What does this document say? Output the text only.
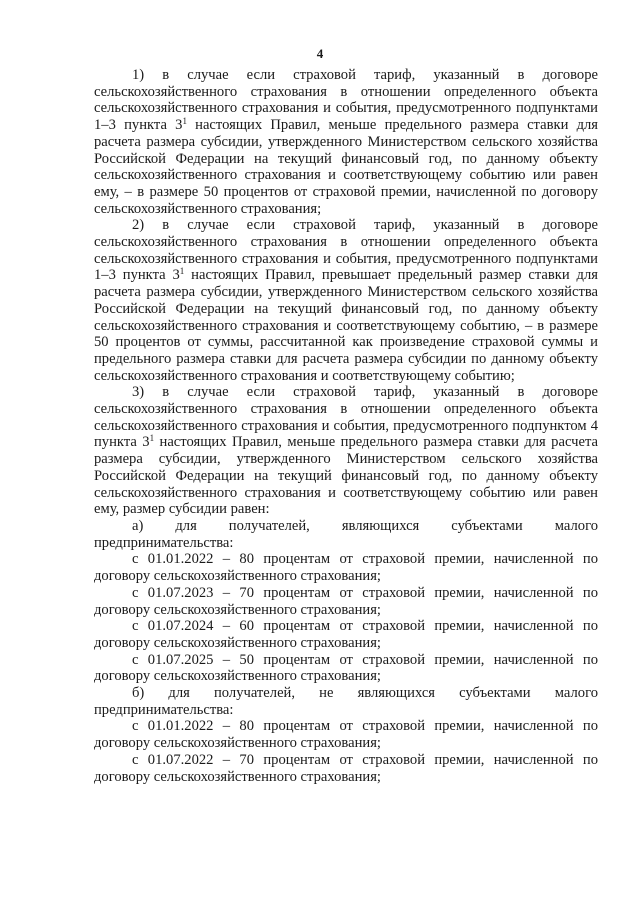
4

1) в случае если страховой тариф, указанный в договоре сельскохозяйственного страхования в отношении определенного объекта сельскохозяйственного страхования и события, предусмотренного подпунктами 1–3 пункта $3^1$ настоящих Правил, меньше предельного размера ставки для расчета размера субсидии, утвержденного Министерством сельского хозяйства Российской Федерации на текущий финансовый год, по данному объекту сельскохозяйственного страхования и соответствующему событию или равен ему, – в размере 50 процентов от страховой премии, начисленной по договору сельскохозяйственного страхования;

2) в случае если страховой тариф, указанный в договоре сельскохозяйственного страхования в отношении определенного объекта сельскохозяйственного страхования и события, предусмотренного подпунктами 1–3 пункта $3^1$ настоящих Правил, превышает предельный размер ставки для расчета размера субсидии, утвержденного Министерством сельского хозяйства Российской Федерации на текущий финансовый год, по данному объекту сельскохозяйственного страхования и соответствующему событию, – в размере 50 процентов от суммы, рассчитанной как произведение страховой суммы и предельного размера ставки для расчета размера субсидии по данному объекту сельскохозяйственного страхования и соответствующему событию;

3) в случае если страховой тариф, указанный в договоре сельскохозяйственного страхования в отношении определенного объекта сельскохозяйственного страхования и события, предусмотренного подпунктом 4 пункта $3^1$ настоящих Правил, меньше предельного размера ставки для расчета размера субсидии, утвержденного Министерством сельского хозяйства Российской Федерации на текущий финансовый год, по данному объекту сельскохозяйственного страхования и соответствующему событию или равен ему, размер субсидии равен:

а) для получателей, являющихся субъектами малого предпринимательства:

с 01.01.2022 – 80 процентам от страховой премии, начисленной по договору сельскохозяйственного страхования;

с 01.07.2023 – 70 процентам от страховой премии, начисленной по договору сельскохозяйственного страхования;

с 01.07.2024 – 60 процентам от страховой премии, начисленной по договору сельскохозяйственного страхования;

с 01.07.2025 – 50 процентам от страховой премии, начисленной по договору сельскохозяйственного страхования;

б) для получателей, не являющихся субъектами малого предпринимательства:

с 01.01.2022 – 80 процентам от страховой премии, начисленной по договору сельскохозяйственного страхования;

с 01.07.2022 – 70 процентам от страховой премии, начисленной по договору сельскохозяйственного страхования;
